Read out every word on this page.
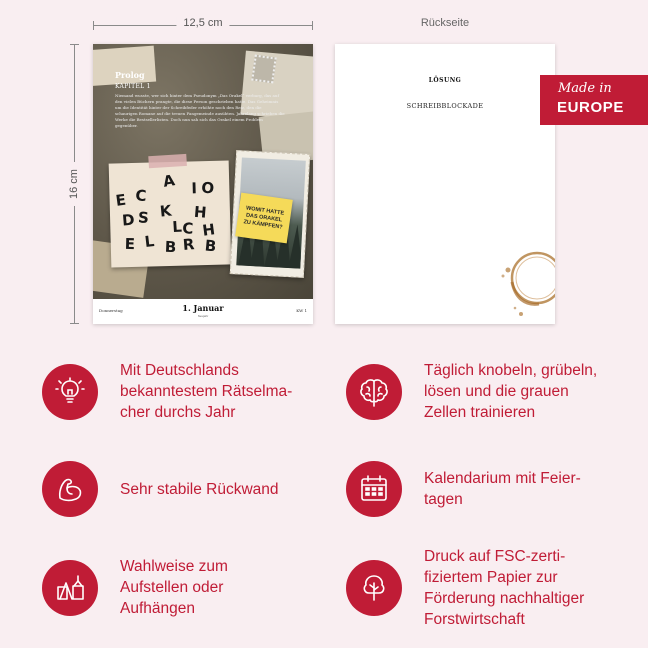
12,5 cm
16 cm
Rückseite
Prolog
KAPITEL 1
Niemand wusste, wer sich hinter dem Pseudonym „Das Orakel“ verbarg, das auf den vielen Büchern prangte, die diese Person geschrieben hatte. Das Geheimnis um die Identität hinter der Schreibfeder erhöhte noch den Reiz, den die schaurigen Romane auf die treuen Fangemeinde ausübten. Jahrelang schrieben die Werke die Bestsellerlisten. Doch nun sah sich das Orakel einem Problem gegenüber.
E C
A I O
D S K H
L C H
E L B R B
WOMIT HATTE DAS ORAKEL ZU KÄMPFEN?
Donnerstag	1. Januar
Neujahr
KW 1
LÖSUNG
SCHREIBBLOCKADE
Made in
EUROPE
Mit Deutschlands
bekanntestem Rätselma-
cher durchs Jahr
Täglich knobeln, grübeln,
lösen und die grauen
Zellen trainieren
Sehr stabile Rückwand
Kalendarium mit Feier-
tagen
Wahlweise zum
Aufstellen oder
Aufhängen
Druck auf FSC-zerti-
fiziertem Papier zur
Förderung nachhaltiger
Forstwirtschaft
